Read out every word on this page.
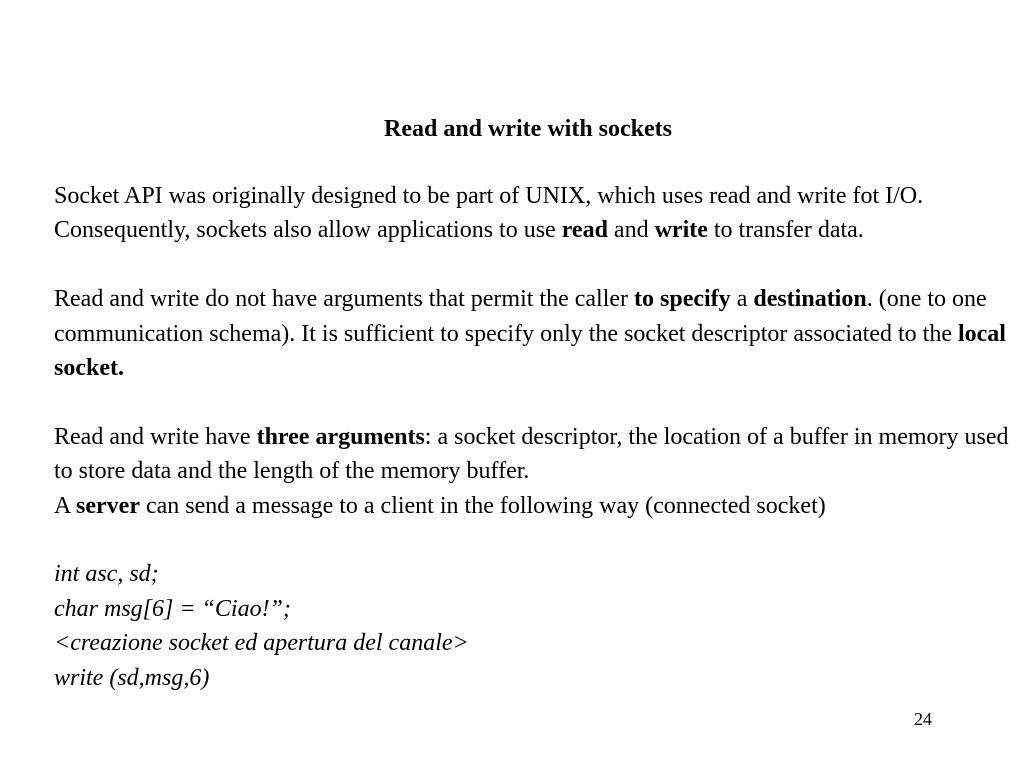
Read and write with sockets

Socket API was originally designed to be part of UNIX, which uses read and write fot I/O. Consequently, sockets also allow applications to use read and write to transfer data.

Read and write do not have arguments that permit the caller to specify a destination. (one to one communication schema). It is sufficient to specify only the socket descriptor associated to the local socket.

Read and write have three arguments: a socket descriptor, the location of a buffer in memory used to store data and the length of the memory buffer.

A server can send a message to a client in the following way (connected socket)

int asc, sd;

char msg[6] = “Ciao!”;

<creazione socket ed apertura del canale>

write (sd,msg,6)

24
